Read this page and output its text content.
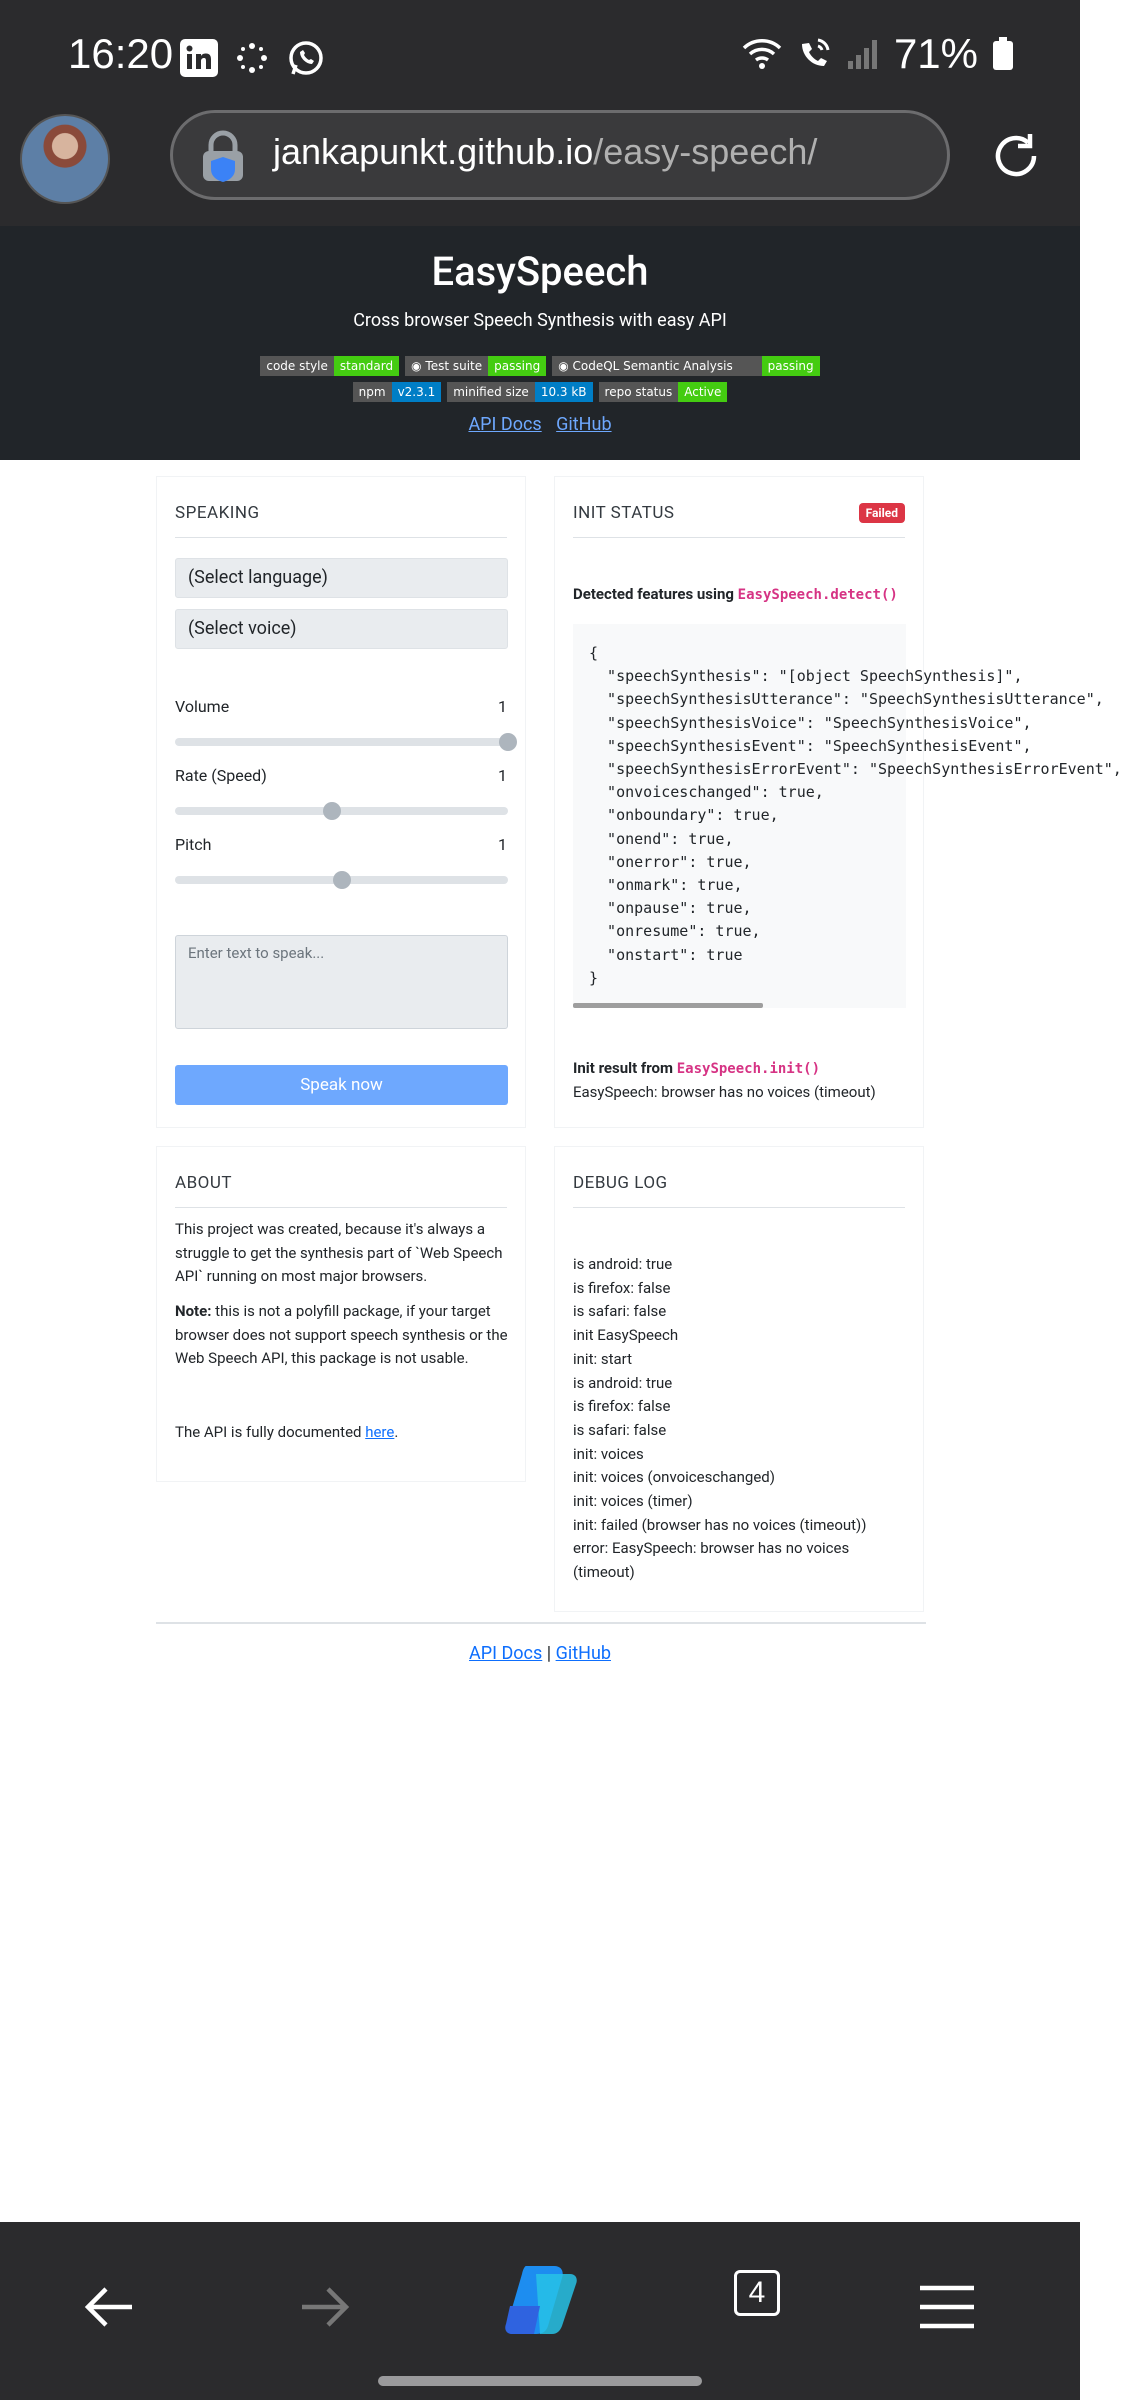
16:20	71%
jankapunkt.github.io/easy-speech/
EasySpeech
Cross browser Speech Synthesis with easy API
code style	standard	◉ Test suite	passing	◉ CodeQL Semantic Analysis	passing
npm	v2.3.1	minified size	10.3 kB	repo status	Active
API Docs GitHub
SPEAKING
(Select language)
(Select voice)
Volume	1
Rate (Speed)	1
Pitch	1
Enter text to speak...
Speak now
INIT STATUS	Failed
Detected features using EasySpeech.detect()
{
"speechSynthesis": "[object SpeechSynthesis]",
"speechSynthesisUtterance": "SpeechSynthesisUtterance",
"speechSynthesisVoice": "SpeechSynthesisVoice",
"speechSynthesisEvent": "SpeechSynthesisEvent",
"speechSynthesisErrorEvent": "SpeechSynthesisErrorEvent",
"onvoiceschanged": true,
"onboundary": true,
"onend": true,
"onerror": true,
"onmark": true,
"onpause": true,
"onresume": true,
"onstart": true
}
Init result from EasySpeech.init()
EasySpeech: browser has no voices (timeout)
ABOUT
This project was created, because it's always a struggle to get the synthesis part of `Web Speech API` running on most major browsers.
Note: this is not a polyfill package, if your target browser does not support speech synthesis or the Web Speech API, this package is not usable.
The API is fully documented here.
DEBUG LOG
is android: true
is firefox: false
is safari: false
init EasySpeech
init: start
is android: true
is firefox: false
is safari: false
init: voices
init: voices (onvoiceschanged)
init: voices (timer)
init: failed (browser has no voices (timeout))
error: EasySpeech: browser has no voices (timeout)
API Docs | GitHub
4
